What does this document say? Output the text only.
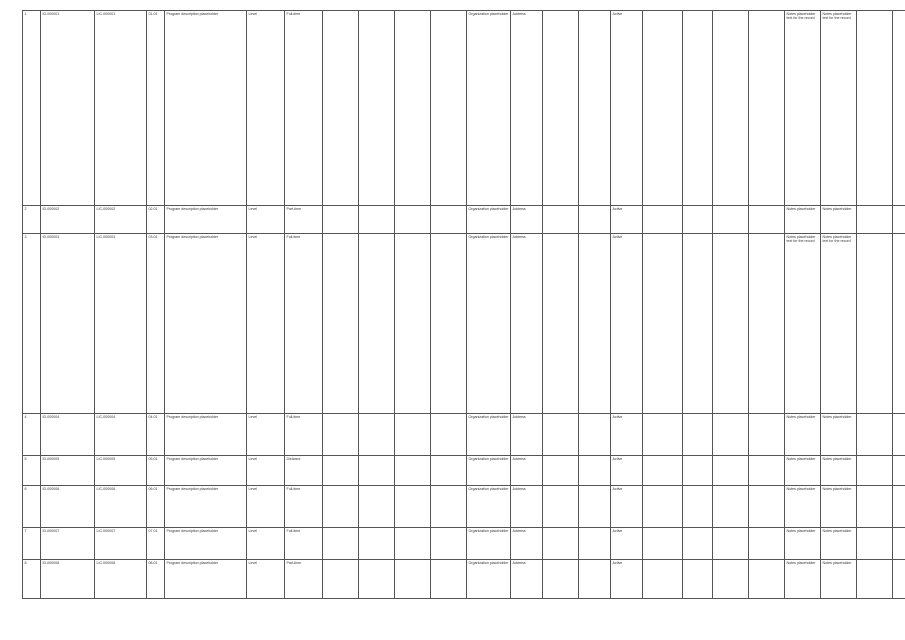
1	ID-000001	LIC-000001	01.01	Program description placeholder	Level	Full-time					Organization placeholder	Address			Active					Notes placeholder text for the record	Notes placeholder text for the record		

2	ID-000002	LIC-000002	02.01	Program description placeholder	Level	Part-time					Organization placeholder	Address			Active					Notes placeholder	Notes placeholder		

3	ID-000003	LIC-000003	03.01	Program description placeholder	Level	Full-time					Organization placeholder	Address			Active					Notes placeholder text for the record	Notes placeholder text for the record		

4	ID-000004	LIC-000004	04.01	Program description placeholder	Level	Full-time					Organization placeholder	Address			Active					Notes placeholder	Notes placeholder		

5	ID-000005	LIC-000005	05.01	Program description placeholder	Level	Distance					Organization placeholder	Address			Active					Notes placeholder	Notes placeholder		

6	ID-000006	LIC-000006	06.01	Program description placeholder	Level	Full-time					Organization placeholder	Address			Active					Notes placeholder	Notes placeholder		

7	ID-000007	LIC-000007	07.01	Program description placeholder	Level	Full-time					Organization placeholder	Address			Active					Notes placeholder	Notes placeholder		

8	ID-000008	LIC-000008	08.01	Program description placeholder	Level	Part-time					Organization placeholder	Address			Active					Notes placeholder	Notes placeholder		
